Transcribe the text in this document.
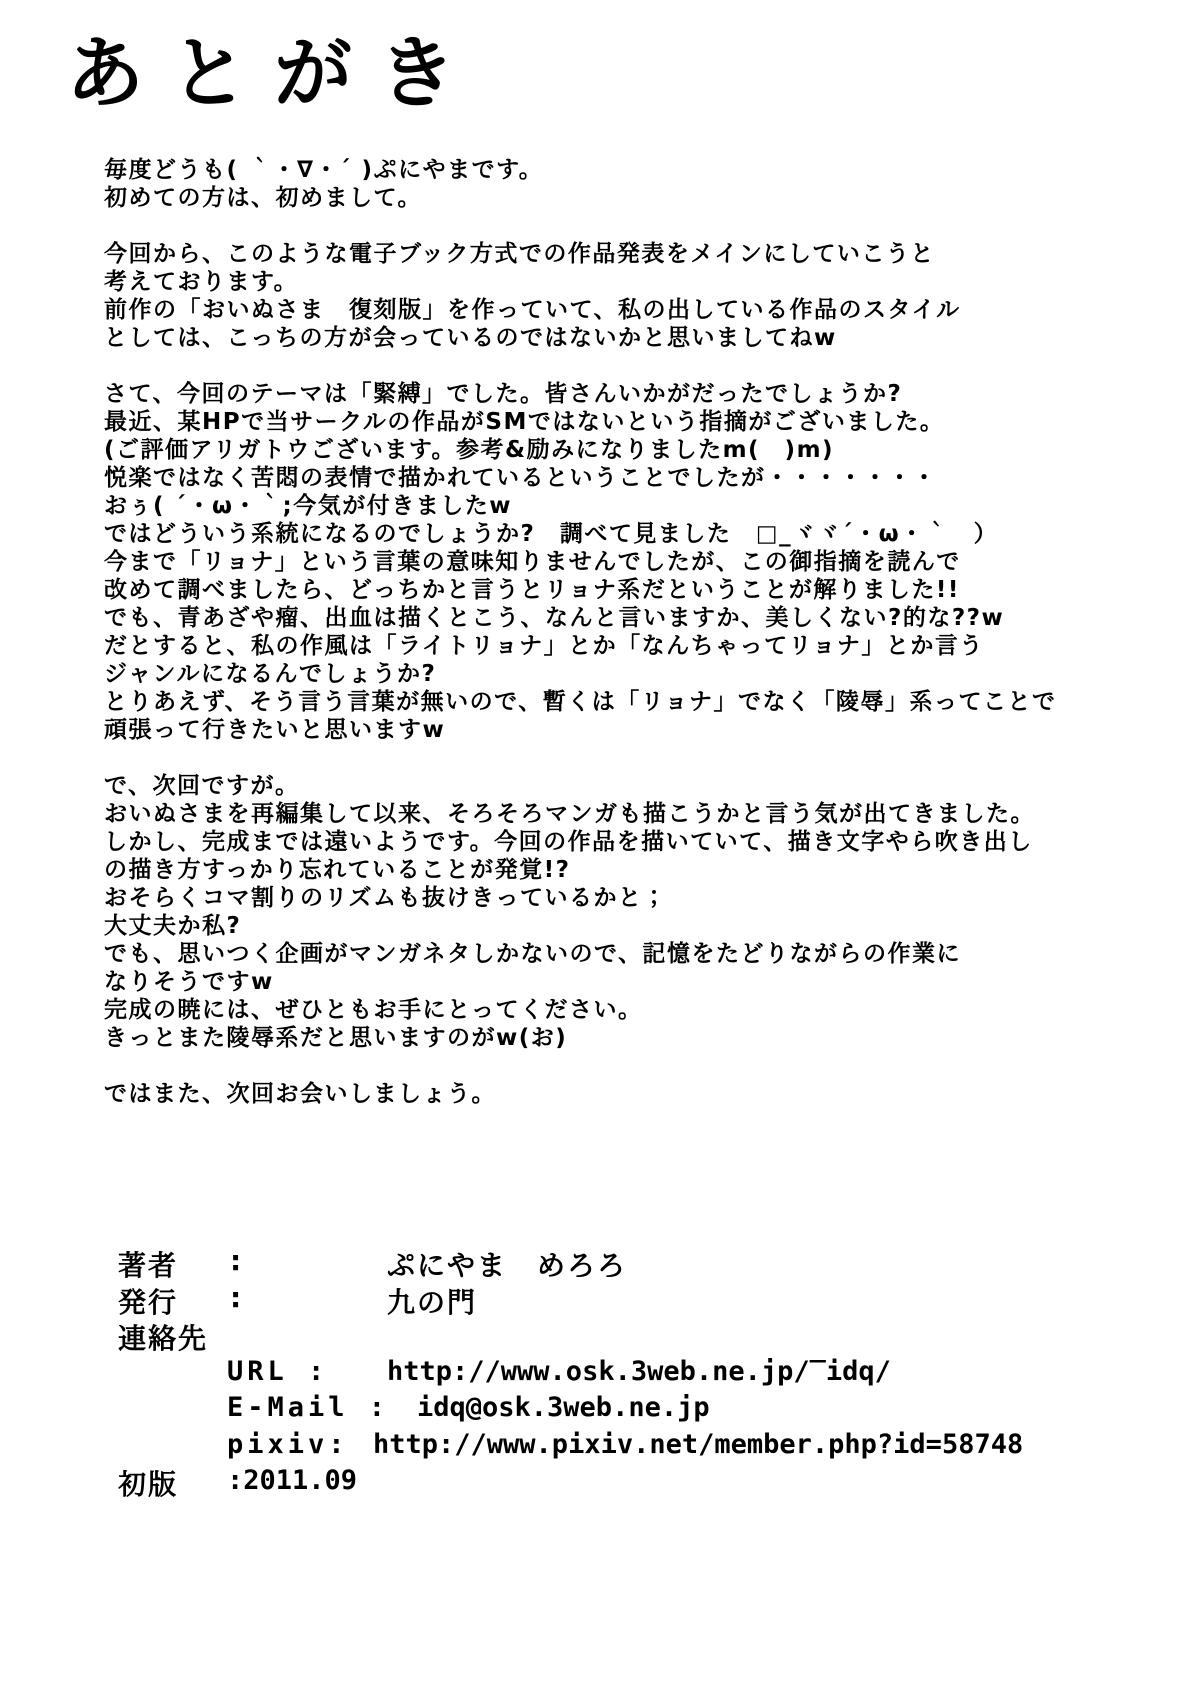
あとがき
毎度どうも( ｀・∇・´ )ぷにやまです。
初めての方は、初めまして。

今回から、このような電子ブック方式での作品発表をメインにしていこうと
考えております。
前作の「おいぬさま　復刻版」を作っていて、私の出している作品のスタイル
としては、こっちの方が会っているのではないかと思いましてねw

さて、今回のテーマは「緊縛」でした。皆さんいかがだったでしょうか?
最近、某HPで当サークルの作品がSMではないという指摘がございました。
(ご評価アリガトウございます。参考&励みになりましたm(　)m)
悦楽ではなく苦悶の表情で描かれているということでしたが・・・・・・・
おぅ( ´・ω・｀;今気が付きましたw
ではどういう系統になるのでしょうか?　調べて見ました　□_ヾヾ´・ω・｀　）
今まで「リョナ」という言葉の意味知りませんでしたが、この御指摘を読んで
改めて調べましたら、どっちかと言うとリョナ系だということが解りました!!
でも、青あざや瘤、出血は描くとこう、なんと言いますか、美しくない?的な??w
だとすると、私の作風は「ライトリョナ」とか「なんちゃってリョナ」とか言う
ジャンルになるんでしょうか?
とりあえず、そう言う言葉が無いので、暫くは「リョナ」でなく「陵辱」系ってことで
頑張って行きたいと思いますw

で、次回ですが。
おいぬさまを再編集して以来、そろそろマンガも描こうかと言う気が出てきました。
しかし、完成までは遠いようです。今回の作品を描いていて、描き文字やら吹き出し
の描き方すっかり忘れていることが発覚!?
おそらくコマ割りのリズムも抜けきっているかと；
大丈夫か私?
でも、思いつく企画がマンガネタしかないので、記憶をたどりながらの作業に
なりそうですw
完成の暁には、ぜひともお手にとってください。
きっとまた陵辱系だと思いますのがw(お)

ではまた、次回お会いしましょう。
著者	:	ぷにやま　めろろ
発行	:	九の門
連絡先
URL :	http://www.osk.3web.ne.jp/‾idq/
E-Mail :	idq@osk.3web.ne.jp
pixiv: http://www.pixiv.net/member.php?id=58748
初版	:2011.09
